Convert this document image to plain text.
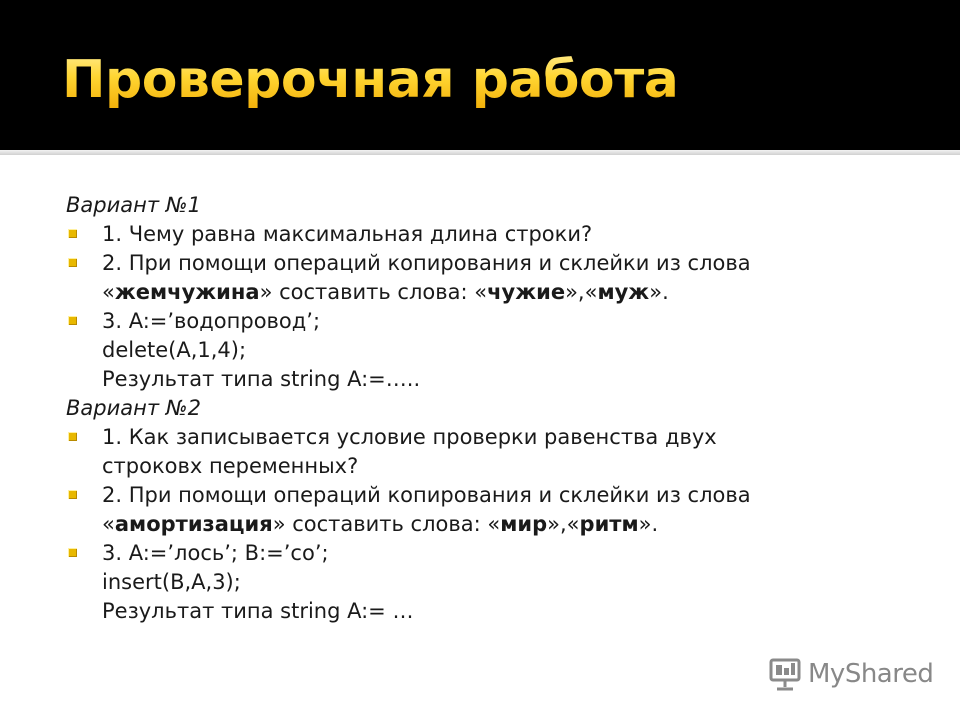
Проверочная работа

Вариант №1

1. Чему равна максимальная длина строки?
2. При помощи операций копирования и склейки из слова
«жемчужина» составить слова: «чужие»,«муж».
3. A:=’водопровод’;
delete(A,1,4);
Результат типа string A:=…..

Вариант №2

1. Как записывается условие проверки равенства двух
строковх переменных?
2. При помощи операций копирования и склейки из слова
«амортизация» составить слова: «мир»,«ритм».
3. A:=’лось’; B:=’со’;
insert(B,A,3);
Результат типа string A:= …
MyShared
